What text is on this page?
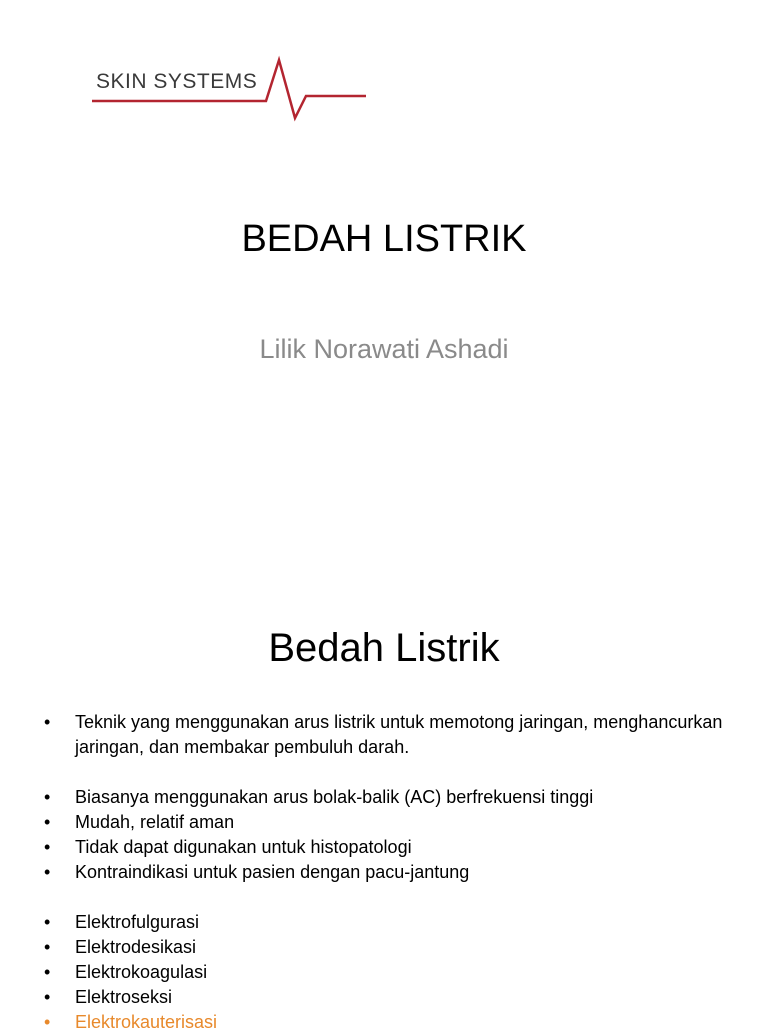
SKIN SYSTEMS
BEDAH LISTRIK
Lilik Norawati Ashadi
Bedah Listrik
• Teknik yang menggunakan arus listrik untuk memotong jaringan, menghancurkan jaringan, dan membakar pembuluh darah.
• Biasanya menggunakan arus bolak-balik (AC) berfrekuensi tinggi
• Mudah, relatif aman
• Tidak dapat digunakan untuk histopatologi
• Kontraindikasi untuk pasien dengan pacu-jantung
• Elektrofulgurasi
• Elektrodesikasi
• Elektrokoagulasi
• Elektroseksi
• Elektrokauterisasi
